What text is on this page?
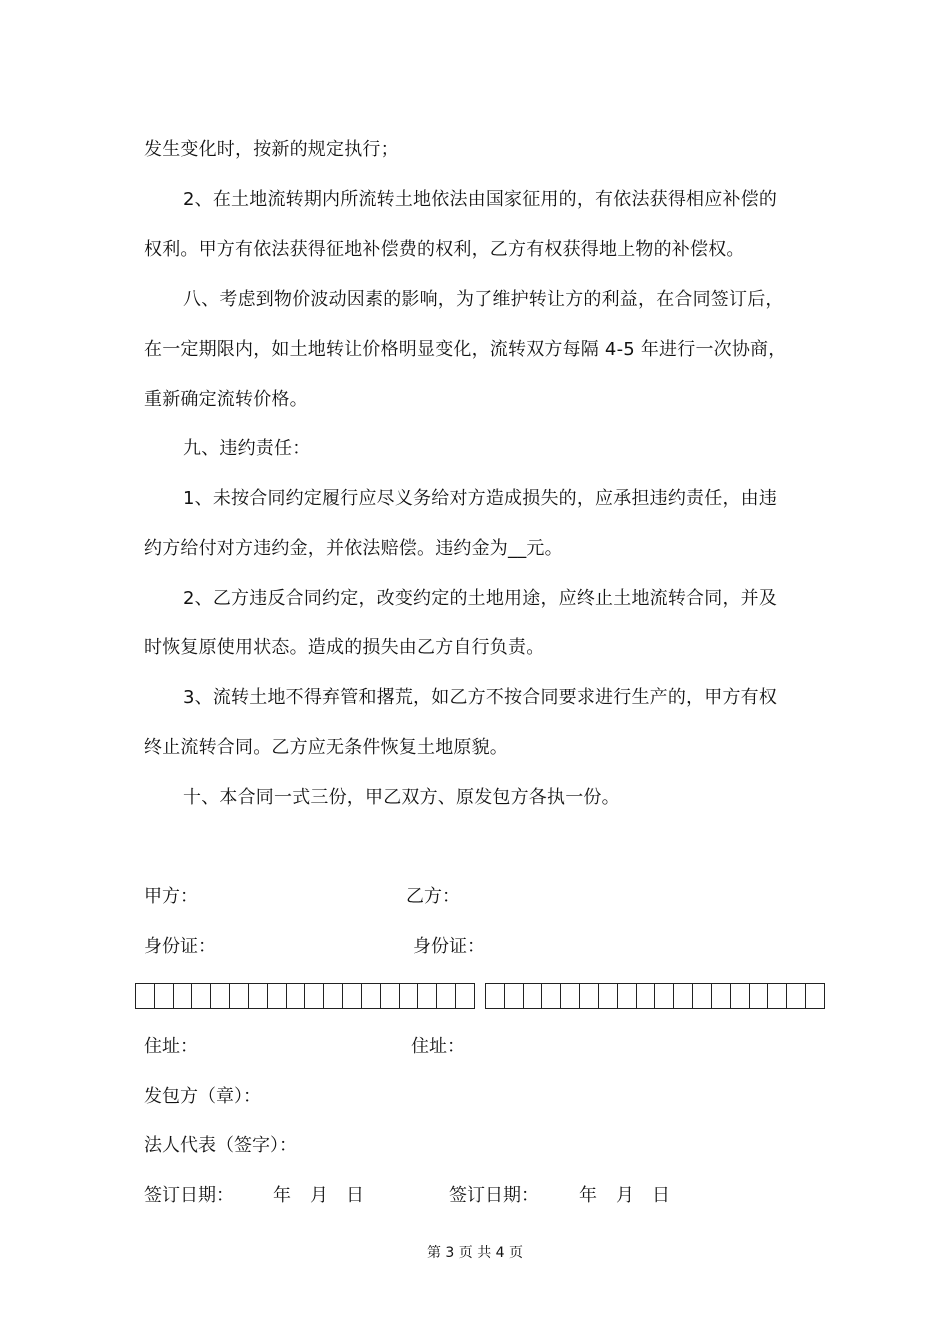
发生变化时，按新的规定执行；
2、在土地流转期内所流转土地依法由国家征用的，有依法获得相应补偿的
权利。甲方有依法获得征地补偿费的权利，乙方有权获得地上物的补偿权。
八、考虑到物价波动因素的影响，为了维护转让方的利益，在合同签订后，
在一定期限内，如土地转让价格明显变化，流转双方每隔 4-5 年进行一次协商，
重新确定流转价格。
九、违约责任：
1、未按合同约定履行应尽义务给对方造成损失的，应承担违约责任，由违
约方给付对方违约金，并依法赔偿。违约金为__元。
2、乙方违反合同约定，改变约定的土地用途，应终止土地流转合同，并及
时恢复原使用状态。造成的损失由乙方自行负责。
3、流转土地不得弃管和撂荒，如乙方不按合同要求进行生产的，甲方有权
终止流转合同。乙方应无条件恢复土地原貌。
十、本合同一式三份，甲乙双方、原发包方各执一份。
甲方：	乙方：
身份证：	身份证：
住址：	住址：
发包方（章）：
法人代表（签字）：
签订日期： 年 月 日	签订日期： 年 月 日
第 3 页 共 4 页
